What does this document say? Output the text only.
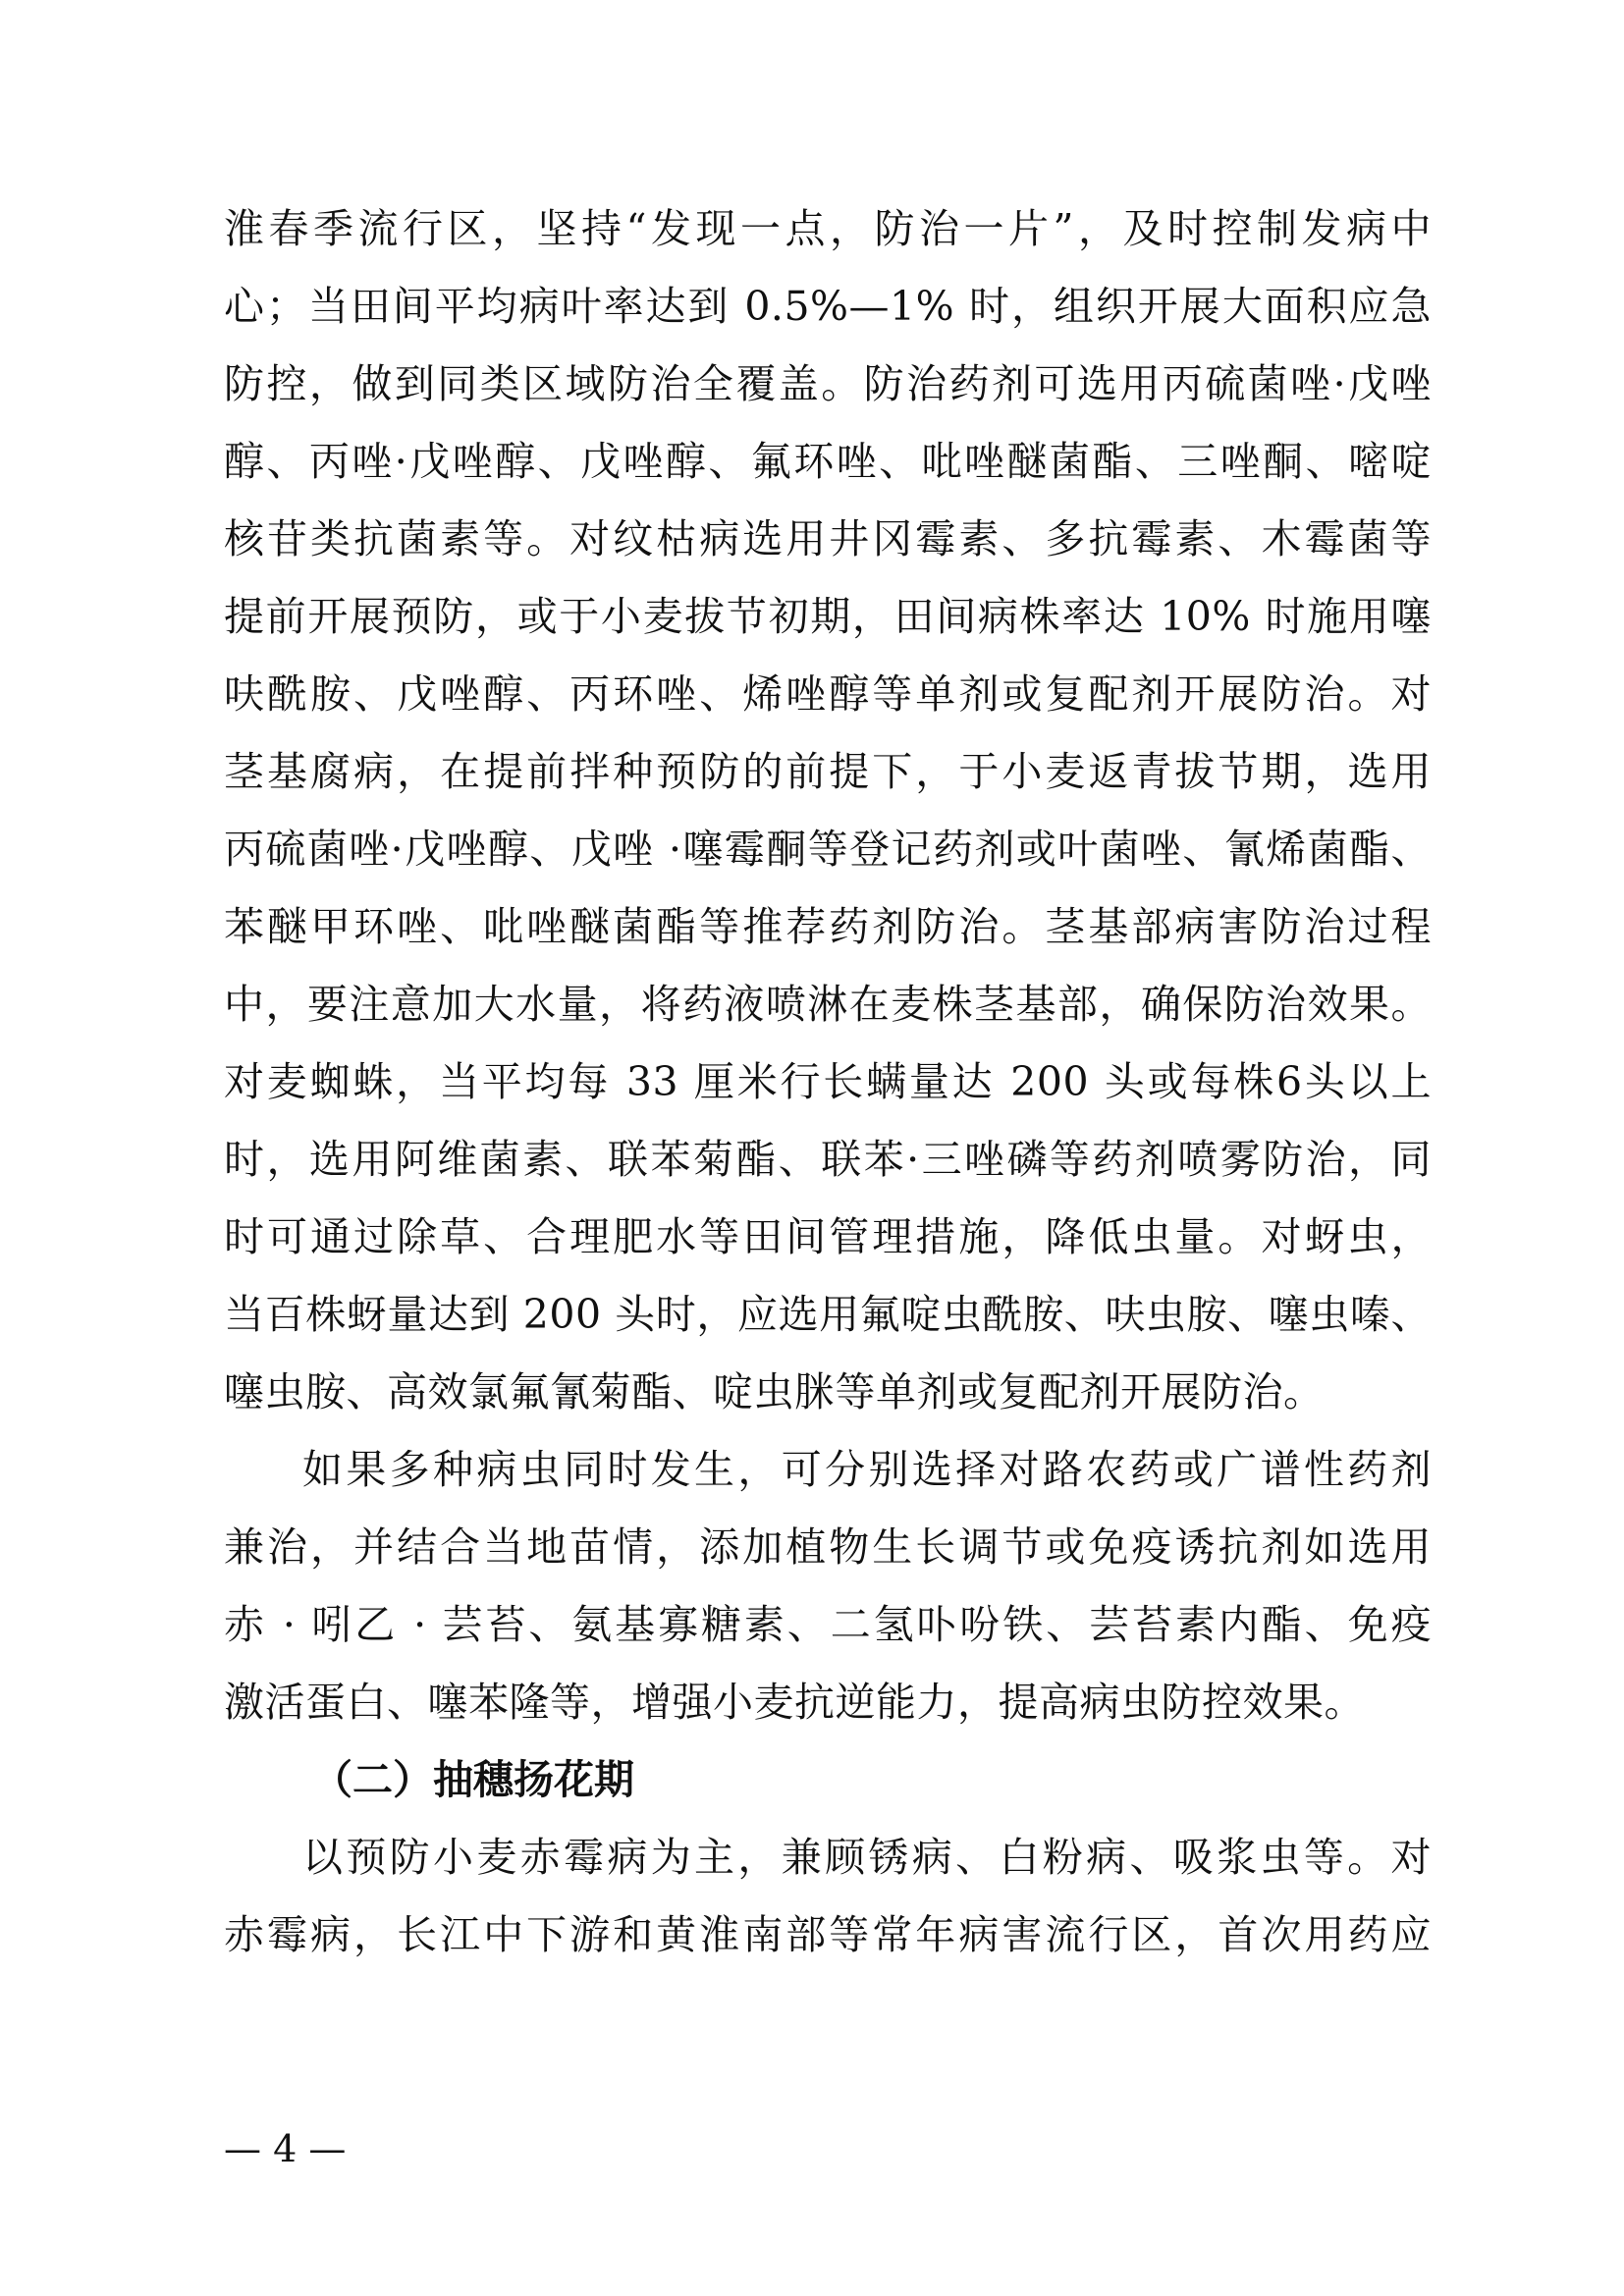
淮春季流行区，坚持“发现一点，防治一片”，及时控制发病中
心；当田间平均病叶率达到 0.5%—1% 时，组织开展大面积应急
防控，做到同类区域防治全覆盖。防治药剂可选用丙硫菌唑·戊唑
醇、丙唑·戊唑醇、戊唑醇、氟环唑、吡唑醚菌酯、三唑酮、嘧啶
核苷类抗菌素等。对纹枯病选用井冈霉素、多抗霉素、木霉菌等
提前开展预防，或于小麦拔节初期，田间病株率达 10% 时施用噻
呋酰胺、戊唑醇、丙环唑、烯唑醇等单剂或复配剂开展防治。对
茎基腐病，在提前拌种预防的前提下，于小麦返青拔节期，选用
丙硫菌唑·戊唑醇、戊唑 ·噻霉酮等登记药剂或叶菌唑、氰烯菌酯、
苯醚甲环唑、吡唑醚菌酯等推荐药剂防治。茎基部病害防治过程
中，要注意加大水量，将药液喷淋在麦株茎基部，确保防治效果。
对麦蜘蛛，当平均每 33 厘米行长螨量达 200 头或每株6头以上
时，选用阿维菌素、联苯菊酯、联苯·三唑磷等药剂喷雾防治，同
时可通过除草、合理肥水等田间管理措施，降低虫量。对蚜虫，
当百株蚜量达到 200 头时，应选用氟啶虫酰胺、呋虫胺、噻虫嗪、
噻虫胺、高效氯氟氰菊酯、啶虫脒等单剂或复配剂开展防治。
如果多种病虫同时发生，可分别选择对路农药或广谱性药剂
兼治，并结合当地苗情，添加植物生长调节或免疫诱抗剂如选用
赤 · 吲乙 · 芸苔、氨基寡糖素、二氢卟吩铁、芸苔素内酯、免疫
激活蛋白、噻苯隆等，增强小麦抗逆能力，提高病虫防控效果。
（二）抽穗扬花期
以预防小麦赤霉病为主，兼顾锈病、白粉病、吸浆虫等。对
赤霉病，长江中下游和黄淮南部等常年病害流行区，首次用药应
— 4 —
